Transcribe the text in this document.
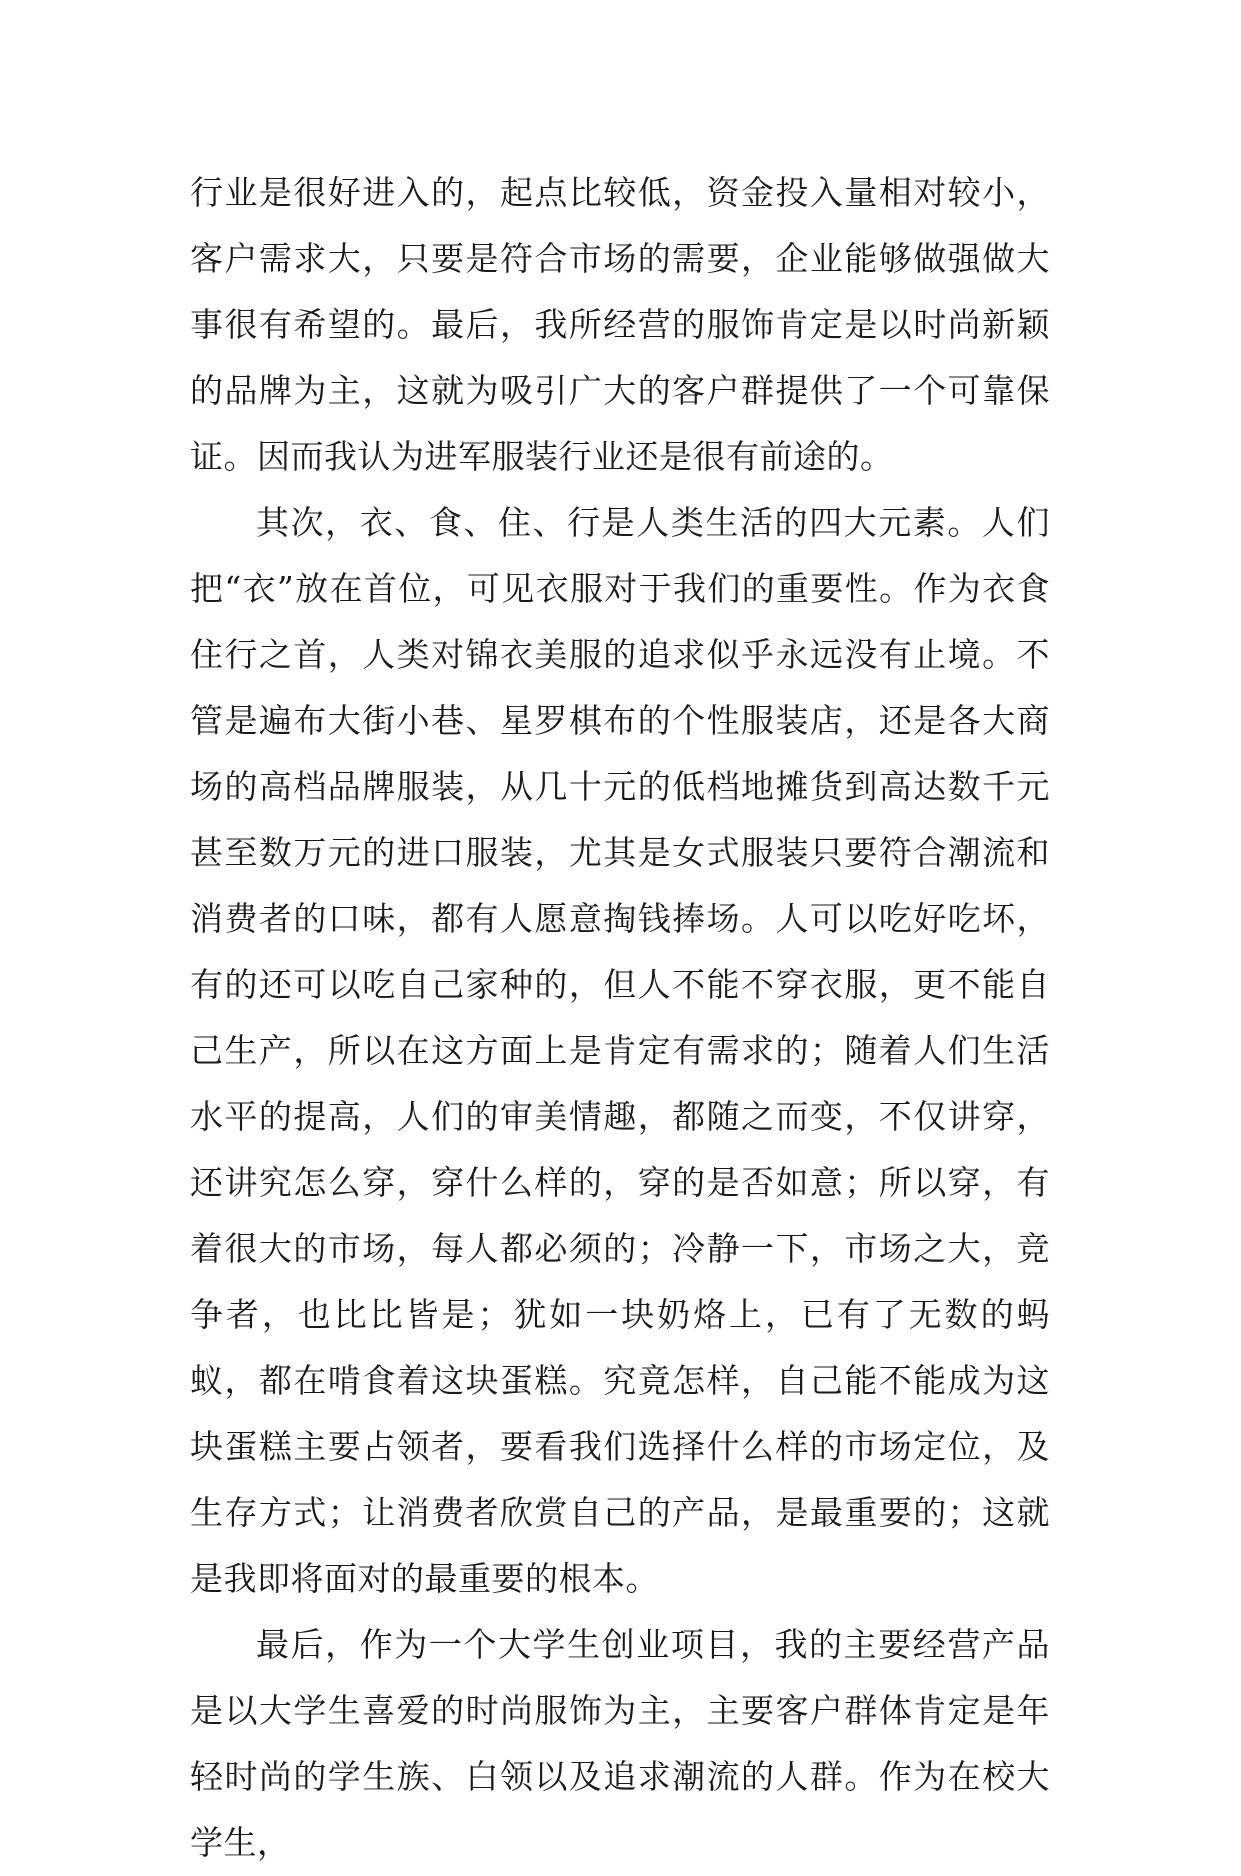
行业是很好进入的，起点比较低，资金投入量相对较小，客户需求大，只要是符合市场的需要，企业能够做强做大事很有希望的。最后，我所经营的服饰肯定是以时尚新颖的品牌为主，这就为吸引广大的客户群提供了一个可靠保证。因而我认为进军服装行业还是很有前途的。

其次，衣、食、住、行是人类生活的四大元素。人们把“衣”放在首位，可见衣服对于我们的重要性。作为衣食住行之首，人类对锦衣美服的追求似乎永远没有止境。不管是遍布大街小巷、星罗棋布的个性服装店，还是各大商场的高档品牌服装，从几十元的低档地摊货到高达数千元甚至数万元的进口服装，尤其是女式服装只要符合潮流和消费者的口味，都有人愿意掏钱捧场。人可以吃好吃坏，有的还可以吃自己家种的，但人不能不穿衣服，更不能自己生产，所以在这方面上是肯定有需求的；随着人们生活水平的提高，人们的审美情趣，都随之而变，不仅讲穿，还讲究怎么穿，穿什么样的，穿的是否如意；所以穿，有着很大的市场，每人都必须的；冷静一下，市场之大，竞争者，也比比皆是；犹如一块奶烙上，已有了无数的蚂蚁，都在啃食着这块蛋糕。究竟怎样，自己能不能成为这块蛋糕主要占领者，要看我们选择什么样的市场定位，及生存方式；让消费者欣赏自己的产品，是最重要的；这就是我即将面对的最重要的根本。

最后，作为一个大学生创业项目，我的主要经营产品是以大学生喜爱的时尚服饰为主，主要客户群体肯定是年轻时尚的学生族、白领以及追求潮流的人群。作为在校大学生，
